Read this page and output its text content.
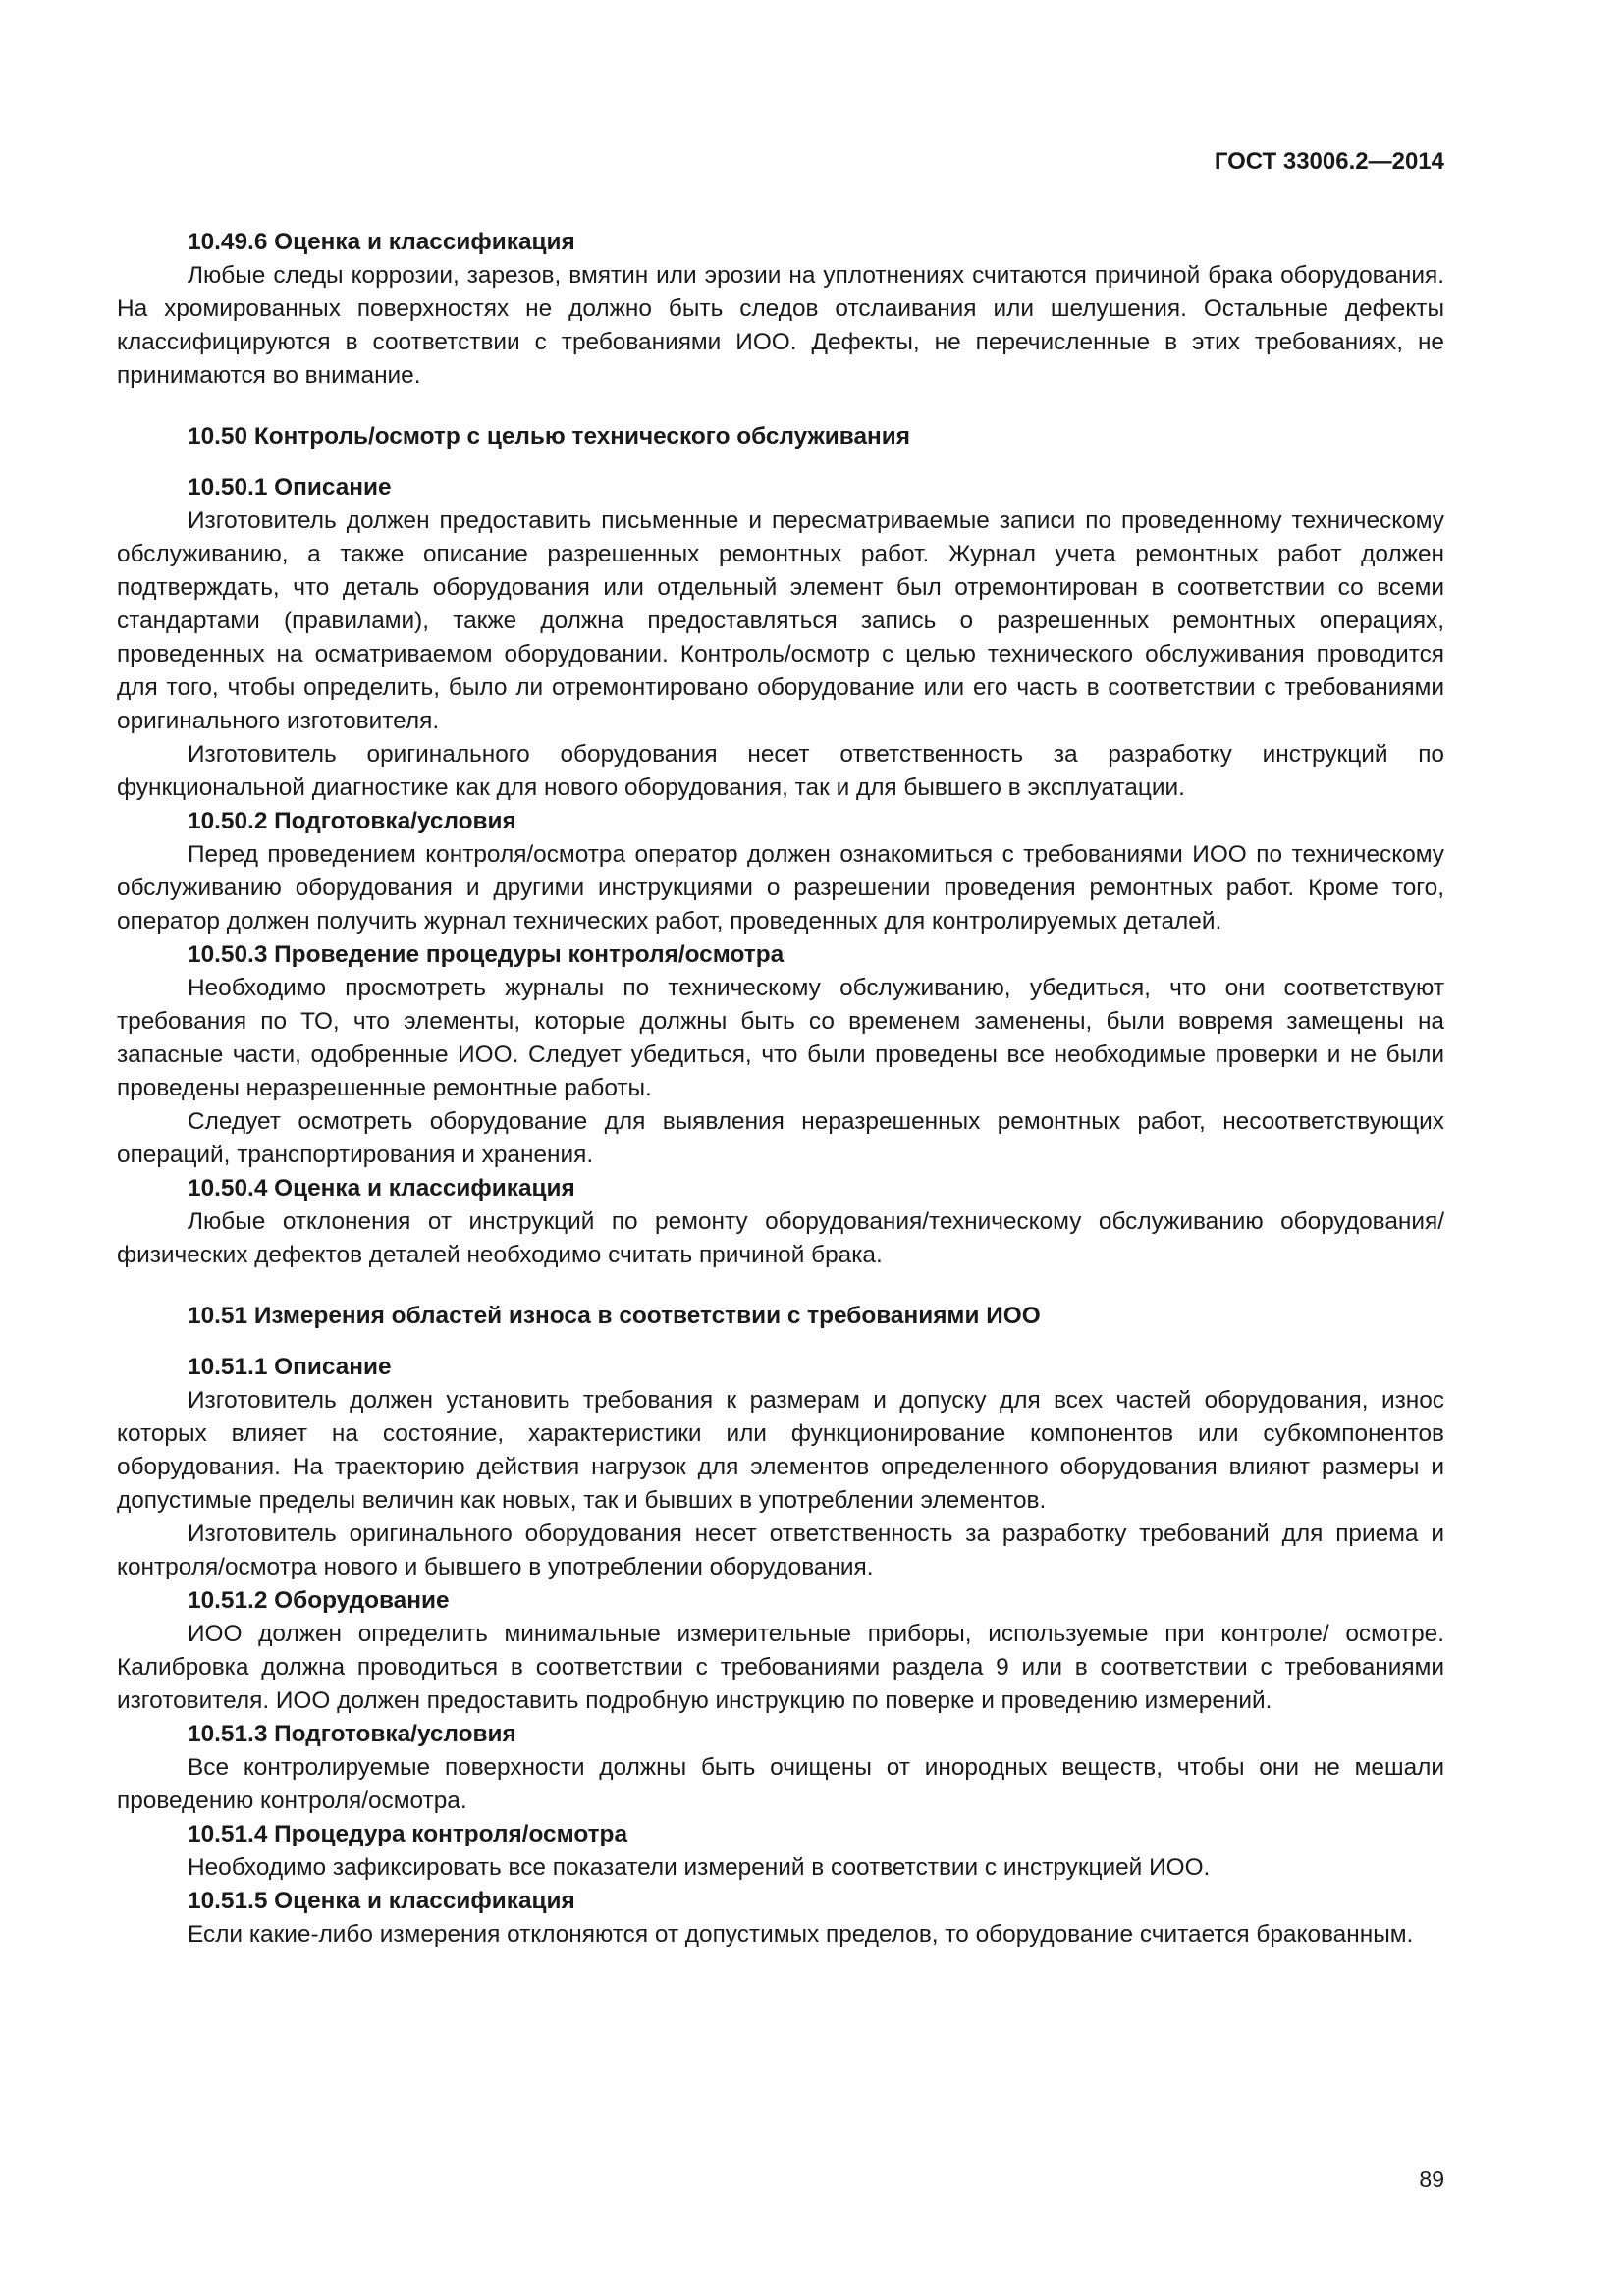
ГОСТ 33006.2—2014
10.49.6 Оценка и классификация

Любые следы коррозии, зарезов, вмятин или эрозии на уплотнениях считаются причиной брака оборудования. На хромированных поверхностях не должно быть следов отслаивания или шелушения. Остальные дефекты классифицируются в соответствии с требованиями ИОО. Дефекты, не перечисленные в этих требованиях, не принимаются во внимание.

10.50 Контроль/осмотр с целью технического обслуживания
10.50.1 Описание

Изготовитель должен предоставить письменные и пересматриваемые записи по проведенному техническому обслуживанию, а также описание разрешенных ремонтных работ. Журнал учета ремонтных работ должен подтверждать, что деталь оборудования или отдельный элемент был отремонтирован в соответствии со всеми стандартами (правилами), также должна предоставляться запись о разрешенных ремонтных операциях, проведенных на осматриваемом оборудовании. Контроль/осмотр с целью технического обслуживания проводится для того, чтобы определить, было ли отремонтировано оборудование или его часть в соответствии с требованиями оригинального изготовителя.

Изготовитель оригинального оборудования несет ответственность за разработку инструкций по функциональной диагностике как для нового оборудования, так и для бывшего в эксплуатации.

10.50.2 Подготовка/условия

Перед проведением контроля/осмотра оператор должен ознакомиться с требованиями ИОО по техническому обслуживанию оборудования и другими инструкциями о разрешении проведения ремонтных работ. Кроме того, оператор должен получить журнал технических работ, проведенных для контролируемых деталей.

10.50.3 Проведение процедуры контроля/осмотра

Необходимо просмотреть журналы по техническому обслуживанию, убедиться, что они соответствуют требования по ТО, что элементы, которые должны быть со временем заменены, были вовремя замещены на запасные части, одобренные ИОО. Следует убедиться, что были проведены все необходимые проверки и не были проведены неразрешенные ремонтные работы.

Следует осмотреть оборудование для выявления неразрешенных ремонтных работ, несоответствующих операций, транспортирования и хранения.

10.50.4 Оценка и классификация

Любые отклонения от инструкций по ремонту оборудования/техническому обслуживанию оборудования/физических дефектов деталей необходимо считать причиной брака.

10.51 Измерения областей износа в соответствии с требованиями ИОО
10.51.1 Описание

Изготовитель должен установить требования к размерам и допуску для всех частей оборудования, износ которых влияет на состояние, характеристики или функционирование компонентов или субкомпонентов оборудования. На траекторию действия нагрузок для элементов определенного оборудования влияют размеры и допустимые пределы величин как новых, так и бывших в употреблении элементов.

Изготовитель оригинального оборудования несет ответственность за разработку требований для приема и контроля/осмотра нового и бывшего в употреблении оборудования.

10.51.2 Оборудование

ИОО должен определить минимальные измерительные приборы, используемые при контроле/ осмотре. Калибровка должна проводиться в соответствии с требованиями раздела 9 или в соответствии с требованиями изготовителя. ИОО должен предоставить подробную инструкцию по поверке и проведению измерений.

10.51.3 Подготовка/условия

Все контролируемые поверхности должны быть очищены от инородных веществ, чтобы они не мешали проведению контроля/осмотра.

10.51.4 Процедура контроля/осмотра

Необходимо зафиксировать все показатели измерений в соответствии с инструкцией ИОО.

10.51.5 Оценка и классификация

Если какие-либо измерения отклоняются от допустимых пределов, то оборудование считается бракованным.

89
